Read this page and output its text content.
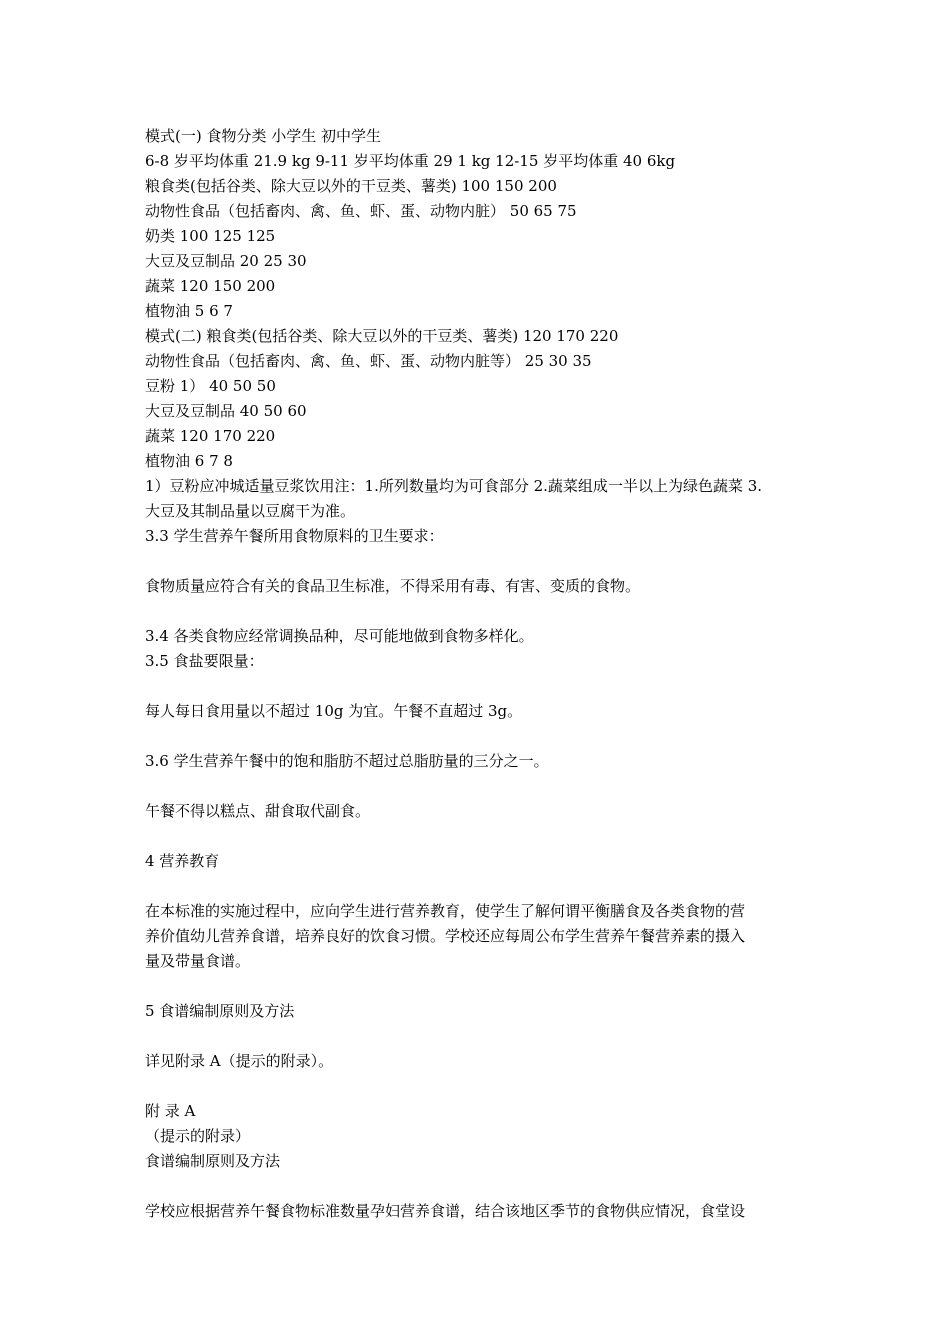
模式(一) 食物分类 小学生 初中学生
6-8 岁平均体重 21.9 kg 9-11 岁平均体重 29 1 kg 12-15 岁平均体重 40 6kg
粮食类(包括谷类、除大豆以外的干豆类、薯类) 100 150 200
动物性食品（包括畜肉、禽、鱼、虾、蛋、动物内脏） 50 65 75
奶类 100 125 125
大豆及豆制品 20 25 30
蔬菜 120 150 200
植物油 5 6 7
模式(二) 粮食类(包括谷类、除大豆以外的干豆类、薯类) 120 170 220
动物性食品（包括畜肉、禽、鱼、虾、蛋、动物内脏等） 25 30 35
豆粉 1） 40 50 50
大豆及豆制品 40 50 60
蔬菜 120 170 220
植物油 6 7 8
1）豆粉应冲城适量豆浆饮用注：1.所列数量均为可食部分 2.蔬菜组成一半以上为绿色蔬菜 3.
大豆及其制品量以豆腐干为准。
3.3 学生营养午餐所用食物原料的卫生要求：
食物质量应符合有关的食品卫生标准，不得采用有毒、有害、变质的食物。
3.4 各类食物应经常调换品种，尽可能地做到食物多样化。
3.5 食盐要限量：
每人每日食用量以不超过 10g 为宜。午餐不直超过 3g。
3.6 学生营养午餐中的饱和脂肪不超过总脂肪量的三分之一。
午餐不得以糕点、甜食取代副食。
4 营养教育
在本标准的实施过程中，应向学生进行营养教育，使学生了解何谓平衡膳食及各类食物的营
养价值幼儿营养食谱，培养良好的饮食习惯。学校还应每周公布学生营养午餐营养素的摄入
量及带量食谱。
5 食谱编制原则及方法
详见附录 A（提示的附录）。
附 录 A
（提示的附录）
食谱编制原则及方法
学校应根据营养午餐食物标准数量孕妇营养食谱，结合该地区季节的食物供应情况，食堂设
